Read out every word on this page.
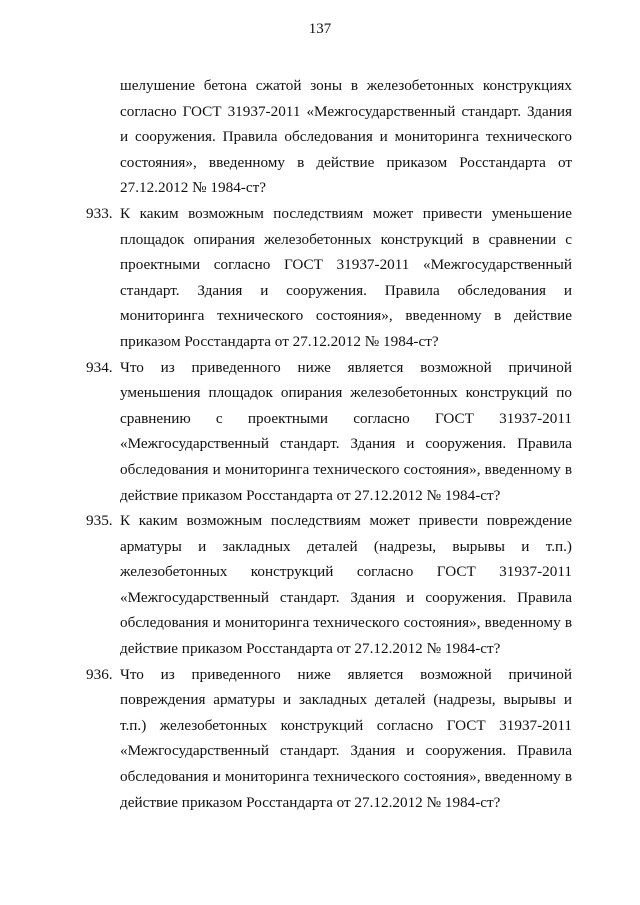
137

шелушение бетона сжатой зоны в железобетонных конструкциях согласно ГОСТ 31937-2011 «Межгосударственный стандарт. Здания и сооружения. Правила обследования и мониторинга технического состояния», введенному в действие приказом Росстандарта от 27.12.2012 № 1984-ст?

933. К каким возможным последствиям может привести уменьшение площадок опирания железобетонных конструкций в сравнении с проектными согласно ГОСТ 31937-2011 «Межгосударственный стандарт. Здания и сооружения. Правила обследования и мониторинга технического состояния», введенному в действие приказом Росстандарта от 27.12.2012 № 1984-ст?
934. Что из приведенного ниже является возможной причиной уменьшения площадок опирания железобетонных конструкций по сравнению с проектными согласно ГОСТ 31937-2011 «Межгосударственный стандарт. Здания и сооружения. Правила обследования и мониторинга технического состояния», введенному в действие приказом Росстандарта от 27.12.2012 № 1984-ст?
935. К каким возможным последствиям может привести повреждение арматуры и закладных деталей (надрезы, вырывы и т.п.) железобетонных конструкций согласно ГОСТ 31937-2011 «Межгосударственный стандарт. Здания и сооружения. Правила обследования и мониторинга технического состояния», введенному в действие приказом Росстандарта от 27.12.2012 № 1984-ст?
936. Что из приведенного ниже является возможной причиной повреждения арматуры и закладных деталей (надрезы, вырывы и т.п.) железобетонных конструкций согласно ГОСТ 31937-2011 «Межгосударственный стандарт. Здания и сооружения. Правила обследования и мониторинга технического состояния», введенному в действие приказом Росстандарта от 27.12.2012 № 1984-ст?
